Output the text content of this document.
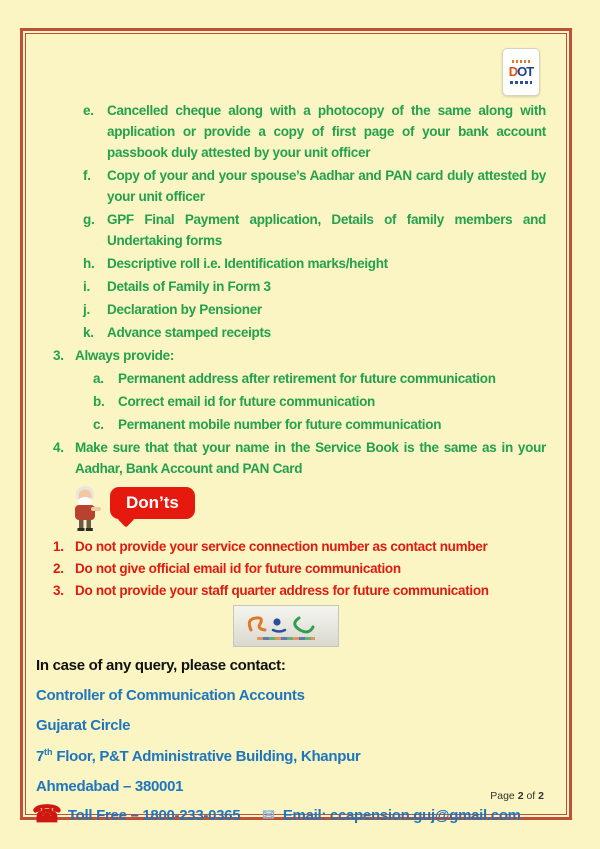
DOT
e. Cancelled cheque along with a photocopy of the same along with application or provide a copy of first page of your bank account passbook duly attested by your unit officer
f.	Copy of your and your spouse’s Aadhar and PAN card duly attested by your unit officer
g. GPF Final Payment application, Details of family members and Undertaking forms
h. Descriptive roll i.e. Identification marks/height
i.	Details of Family in Form 3
j.	Declaration by Pensioner
k. Advance stamped receipts
3. Always provide:
a.	Permanent address after retirement for future communication
b.	Correct email id for future communication
c.	Permanent mobile number for future communication
4. Make sure that that your name in the Service Book is the same as in your Aadhar, Bank Account and PAN Card
Don’ts
1. Do not provide your service connection number as contact number
2. Do not give official email id for future communication
3. Do not provide your staff quarter address for future communication
In case of any query, please contact:
Controller of Communication Accounts
Gujarat Circle
7th Floor, P&T Administrative Building, Khanpur
Ahmedabad – 380001
☎ Toll Free – 1800-233-0365 ✉ Email: ccapension.guj@gmail.com
Page 2 of 2
